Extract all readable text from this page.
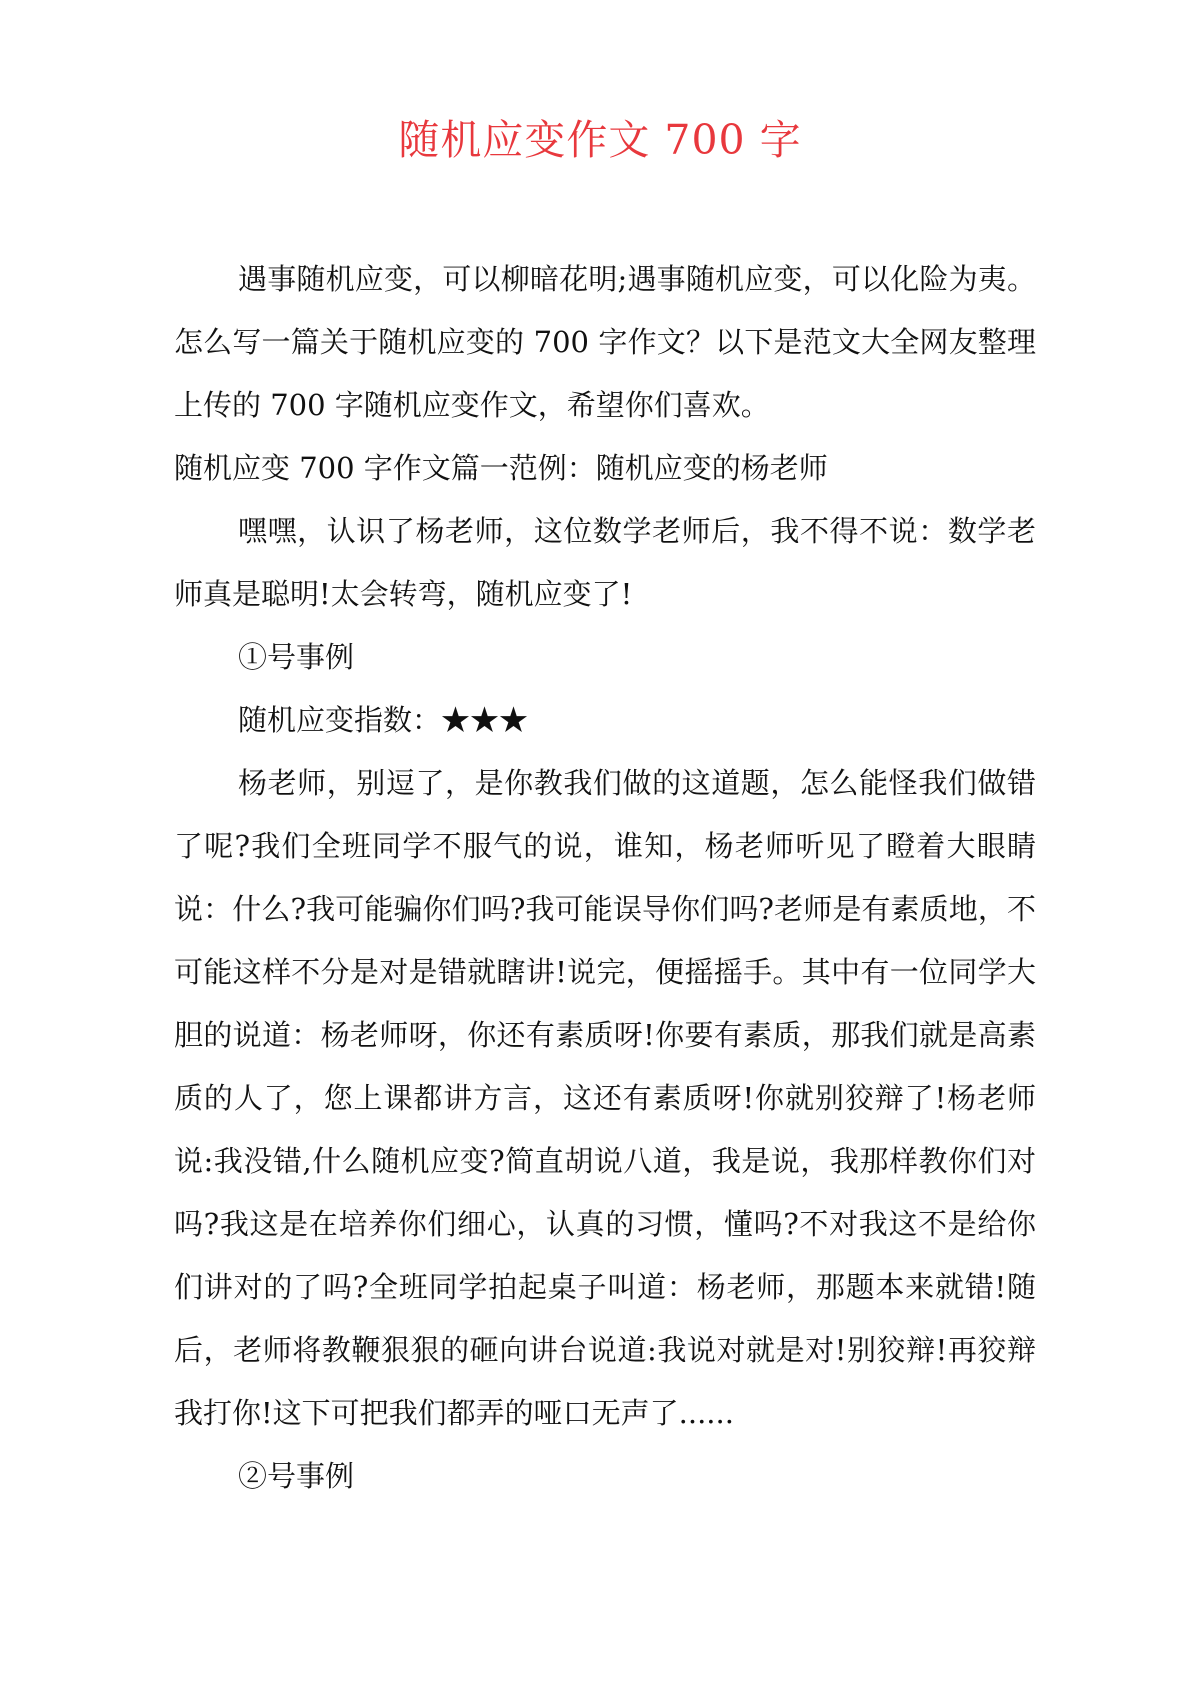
随机应变作文 700 字

遇事随机应变，可以柳暗花明;遇事随机应变，可以化险为夷。怎么写一篇关于随机应变的 700 字作文？以下是范文大全网友整理上传的 700 字随机应变作文，希望你们喜欢。

随机应变 700 字作文篇一范例：随机应变的杨老师

嘿嘿，认识了杨老师，这位数学老师后，我不得不说：数学老师真是聪明!太会转弯，随机应变了!

①号事例

随机应变指数：★★★

杨老师，别逗了，是你教我们做的这道题，怎么能怪我们做错了呢?我们全班同学不服气的说，谁知，杨老师听见了瞪着大眼睛说：什么?我可能骗你们吗?我可能误导你们吗?老师是有素质地，不可能这样不分是对是错就瞎讲!说完，便摇摇手。其中有一位同学大胆的说道：杨老师呀，你还有素质呀!你要有素质，那我们就是高素质的人了，您上课都讲方言，这还有素质呀!你就别狡辩了!杨老师说:我没错,什么随机应变?简直胡说八道，我是说，我那样教你们对吗?我这是在培养你们细心，认真的习惯，懂吗?不对我这不是给你们讲对的了吗?全班同学拍起桌子叫道：杨老师，那题本来就错!随后，老师将教鞭狠狠的砸向讲台说道:我说对就是对!别狡辩!再狡辩我打你!这下可把我们都弄的哑口无声了......

②号事例
